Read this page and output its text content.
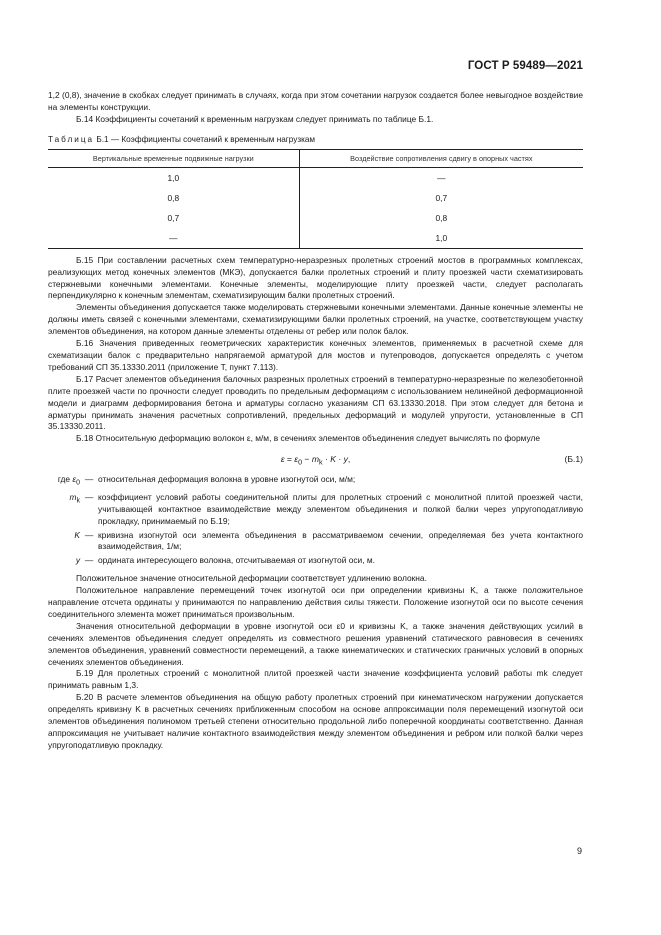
ГОСТ Р 59489—2021

1,2 (0,8), значение в скобках следует принимать в случаях, когда при этом сочетании нагрузок создается более невыгодное воздействие на элементы конструкции.

Б.14 Коэффициенты сочетаний к временным нагрузкам следует принимать по таблице Б.1.

Таблица Б.1 — Коэффициенты сочетаний к временным нагрузкам
Вертикальные временные подвижные нагрузки	Воздействие сопротивления сдвигу в опорных частях
1,0	—
0,8	0,7
0,7	0,8
—	1,0

Б.15 При составлении расчетных схем температурно-неразрезных пролетных строений мостов в программных комплексах, реализующих метод конечных элементов (МКЭ), допускается балки пролетных строений и плиту проезжей части схематизировать стержневыми конечными элементами. Конечные элементы, моделирующие плиту проезжей части, следует располагать перпендикулярно к конечным элементам, схематизирующим балки пролетных строений.

Элементы объединения допускается также моделировать стержневыми конечными элементами. Данные конечные элементы не должны иметь связей с конечными элементами, схематизирующими балки пролетных строений, на участке, соответствующем участку элементов объединения, на котором данные элементы отделены от ребер или полок балок.

Б.16 Значения приведенных геометрических характеристик конечных элементов, применяемых в расчетной схеме для схематизации балок с предварительно напрягаемой арматурой для мостов и путепроводов, допускается определять с учетом требований СП 35.13330.2011 (приложение Т, пункт 7.113).

Б.17 Расчет элементов объединения балочных разрезных пролетных строений в температурно-неразрезные по железобетонной плите проезжей части по прочности следует проводить по предельным деформациям с использованием нелинейной деформационной модели и диаграмм деформирования бетона и арматуры согласно указаниям СП 63.13330.2018. При этом следует для бетона и арматуры принимать значения расчетных сопротивлений, предельных деформаций и модулей упругости, установленные в СП 35.13330.2011.

Б.18 Относительную деформацию волокон ε, м/м, в сечениях элементов объединения следует вычислять по формуле

$\varepsilon = \varepsilon_0 - m_k \cdot K \cdot y$,	(Б.1)
где $\varepsilon_0$ — относительная деформация волокна в уровне изогнутой оси, м/м;
$m_k$ — коэффициент условий работы соединительной плиты для пролетных строений с монолитной плитой проезжей части, учитывающей контактное взаимодействие между элементом объединения и полкой балки через упругоподатливую прокладку, принимаемый по Б.19;
K — кривизна изогнутой оси элемента объединения в рассматриваемом сечении, определяемая без учета контактного взаимодействия, 1/м;
y — ордината интересующего волокна, отсчитываемая от изогнутой оси, м.

Положительное значение относительной деформации соответствует удлинению волокна.

Положительное направление перемещений точек изогнутой оси при определении кривизны K, а также положительное направление отсчета ординаты y принимаются по направлению действия силы тяжести. Положение изогнутой оси по высоте сечения соединительного элемента может приниматься произвольным.

Значения относительной деформации в уровне изогнутой оси ε0 и кривизны K, а также значения действующих усилий в сечениях элементов объединения следует определять из совместного решения уравнений статического равновесия в сечениях элементов объединения, уравнений совместности перемещений, а также кинематических и статических граничных условий в опорных сечениях элементов объединения.

Б.19 Для пролетных строений с монолитной плитой проезжей части значение коэффициента условий работы mk следует принимать равным 1,3.

Б.20 В расчете элементов объединения на общую работу пролетных строений при кинематическом нагружении допускается определять кривизну K в расчетных сечениях приближенным способом на основе аппроксимации поля перемещений изогнутой оси элементов объединения полиномом третьей степени относительно продольной либо поперечной координаты соответственно. Данная аппроксимация не учитывает наличие контактного взаимодействия между элементом объединения и ребром или полкой балки через упругоподатливую прокладку.

9
